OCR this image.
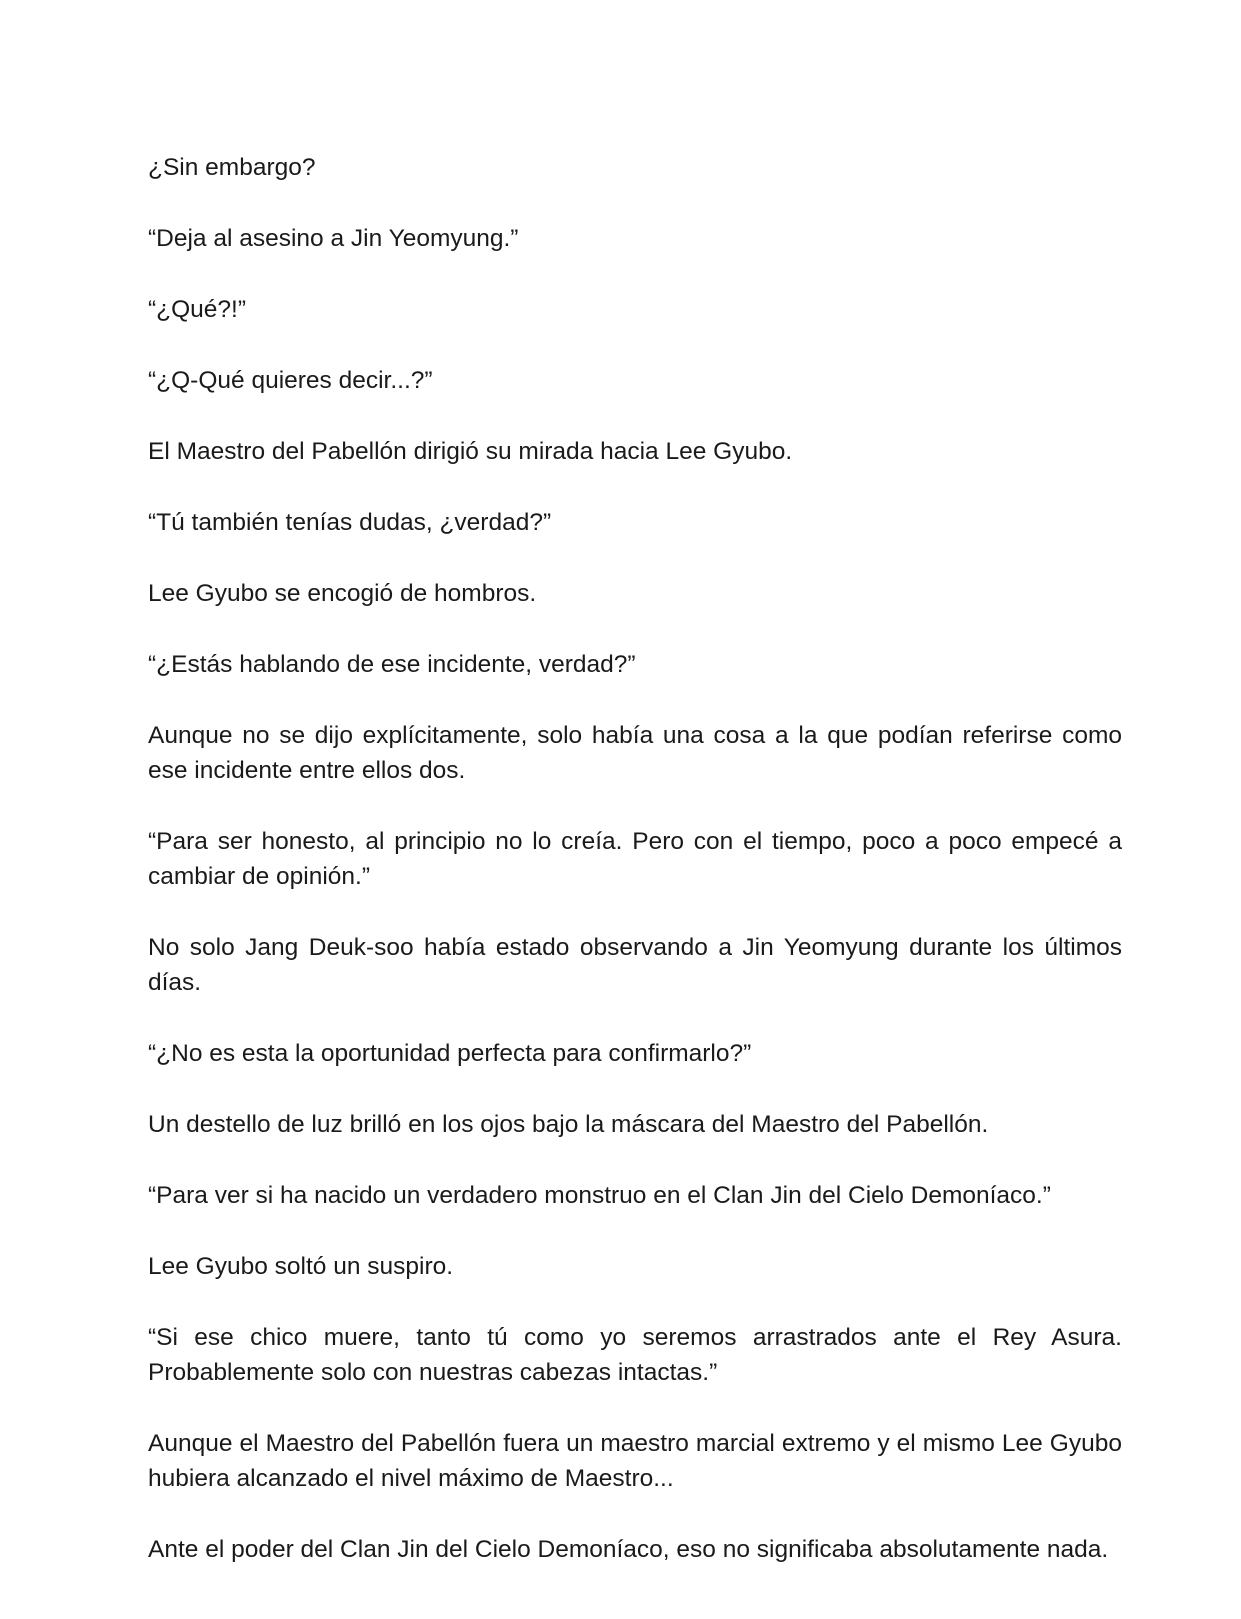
¿Sin embargo?

“Deja al asesino a Jin Yeomyung.”

“¿Qué?!”

“¿Q-Qué quieres decir...?”

El Maestro del Pabellón dirigió su mirada hacia Lee Gyubo.

“Tú también tenías dudas, ¿verdad?”

Lee Gyubo se encogió de hombros.

“¿Estás hablando de ese incidente, verdad?”

Aunque no se dijo explícitamente, solo había una cosa a la que podían referirse como ese incidente entre ellos dos.

“Para ser honesto, al principio no lo creía. Pero con el tiempo, poco a poco empecé a cambiar de opinión.”

No solo Jang Deuk-soo había estado observando a Jin Yeomyung durante los últimos días.

“¿No es esta la oportunidad perfecta para confirmarlo?”

Un destello de luz brilló en los ojos bajo la máscara del Maestro del Pabellón.

“Para ver si ha nacido un verdadero monstruo en el Clan Jin del Cielo Demoníaco.”

Lee Gyubo soltó un suspiro.

“Si ese chico muere, tanto tú como yo seremos arrastrados ante el Rey Asura. Probablemente solo con nuestras cabezas intactas.”

Aunque el Maestro del Pabellón fuera un maestro marcial extremo y el mismo Lee Gyubo hubiera alcanzado el nivel máximo de Maestro...

Ante el poder del Clan Jin del Cielo Demoníaco, eso no significaba absolutamente nada.
